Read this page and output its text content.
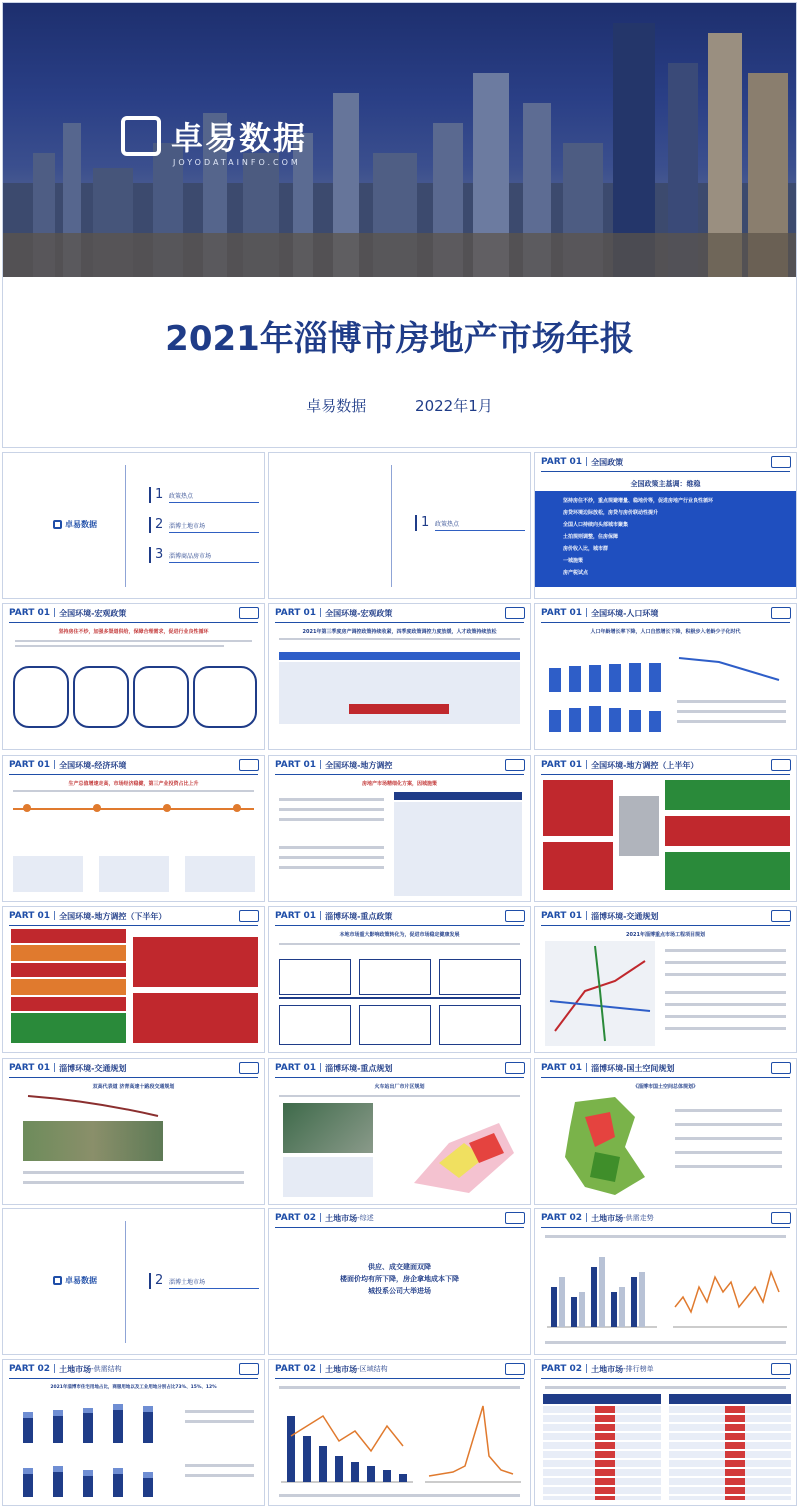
卓易数据
JOYODATAINFO.COM
2021年淄博市房地产市场年报
卓易数据	2022年1月
卓易数据
1 政策热点
2 淄博土地市场
3 淄博商品房市场
1 政策热点
PART 01 | 全国政策
全国政策主基调：维稳
坚持房住不炒，重点规避增量、稳地价等，促进房地产行业良性循环
房贷环境边际放松，房贷与房价联动性提升
全国人口持续向头部城市聚集
土拍规则调整，住房保障
房价收入比，城市群
一城施策
房产税试点
PART 01 | 全国环境-宏观政策
坚持房住不炒，加强多渠道供给，保障合理需求，促进行业良性循环
PART 01 | 全国环境-宏观政策
2021年第三季度房产调控政策持续收紧，四季度政策调控力度放缓，人才政策持续放松
PART 01 | 全国环境-人口环境
人口年龄增长率下降，人口自然增长下降，积极步入老龄少子化时代
PART 01 | 全国环境-经济环境
生产总值增速走高，市场经济稳健，第三产业投资占比上升
PART 01 | 全国环境-地方调控
房地产市场精细化方案，因城施策
PART 01 | 全国环境-地方调控（上半年）
PART 01 | 全国环境-地方调控（下半年）	PART 01 | 淄博环境-重点政策
本地市场重大影响政策转化为，促进市场稳定健康发展
PART 01 | 淄博环境-交通规划
2021年淄博重点市场工程项目规划
PART 01 | 淄博环境-交通规划
双高代表道 济青高速十路段交通规划
PART 01 | 淄博环境-重点规划
火车站出厂市片区规划
PART 01 | 淄博环境-国土空间规划
《淄博市国土空间总体规划》
卓易数据	2 淄博土地市场
PART 02 | 土地市场 -综述
供应、成交建面双降
楼面价均有所下降，房企拿地成本下降
城投系公司大举进场
PART 02 | 土地市场 -供需走势
PART 02 | 土地市场 -供需结构
2021年淄博市住宅用地占比，商服用地以及工业用地分别占比73%、15%、12%
PART 02 | 土地市场 -区域结构	PART 02 | 土地市场 -排行榜单
